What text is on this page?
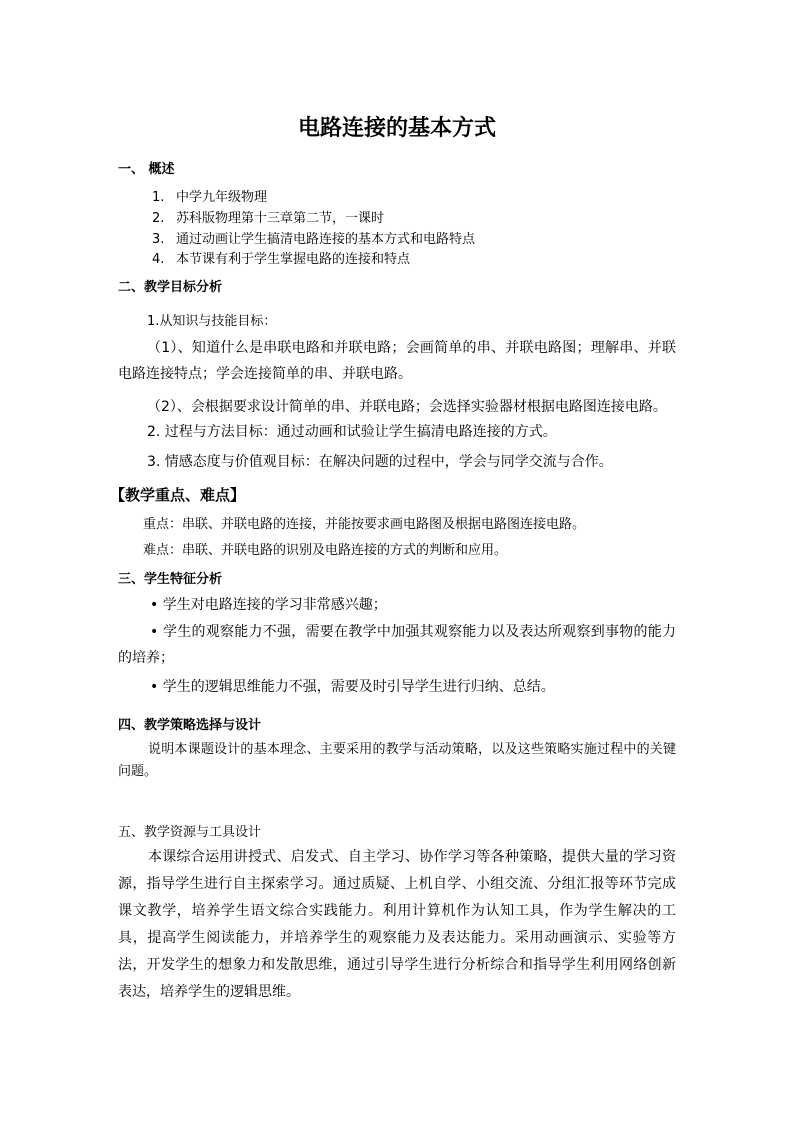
电路连接的基本方式
一、 概述
1. 中学九年级物理
2. 苏科版物理第十三章第二节，一课时
3. 通过动画让学生搞清电路连接的基本方式和电路特点
4. 本节课有利于学生掌握电路的连接和特点
二、教学目标分析
1.从知识与技能目标：
（1）、知道什么是串联电路和并联电路；会画简单的串、并联电路图；理解串、并联电路连接特点；学会连接简单的串、并联电路。
（2）、会根据要求设计简单的串、并联电路；会选择实验器材根据电路图连接电路。
2. 过程与方法目标：通过动画和试验让学生搞清电路连接的方式。
3. 情感态度与价值观目标：在解决问题的过程中，学会与同学交流与合作。
【教学重点、难点】
重点：串联、并联电路的连接，并能按要求画电路图及根据电路图连接电路。
难点：串联、并联电路的识别及电路连接的方式的判断和应用。
三、学生特征分析
• 学生对电路连接的学习非常感兴趣；
• 学生的观察能力不强，需要在教学中加强其观察能力以及表达所观察到事物的能力的培养；
• 学生的逻辑思维能力不强，需要及时引导学生进行归纳、总结。
四、教学策略选择与设计
说明本课题设计的基本理念、主要采用的教学与活动策略，以及这些策略实施过程中的关键问题。
五、教学资源与工具设计
本课综合运用讲授式、启发式、自主学习、协作学习等各种策略，提供大量的学习资源，指导学生进行自主探索学习。通过质疑、上机自学、小组交流、分组汇报等环节完成课文教学，培养学生语文综合实践能力。利用计算机作为认知工具，作为学生解决的工具，提高学生阅读能力，并培养学生的观察能力及表达能力。采用动画演示、实验等方法，开发学生的想象力和发散思维，通过引导学生进行分析综合和指导学生利用网络创新表达，培养学生的逻辑思维。
